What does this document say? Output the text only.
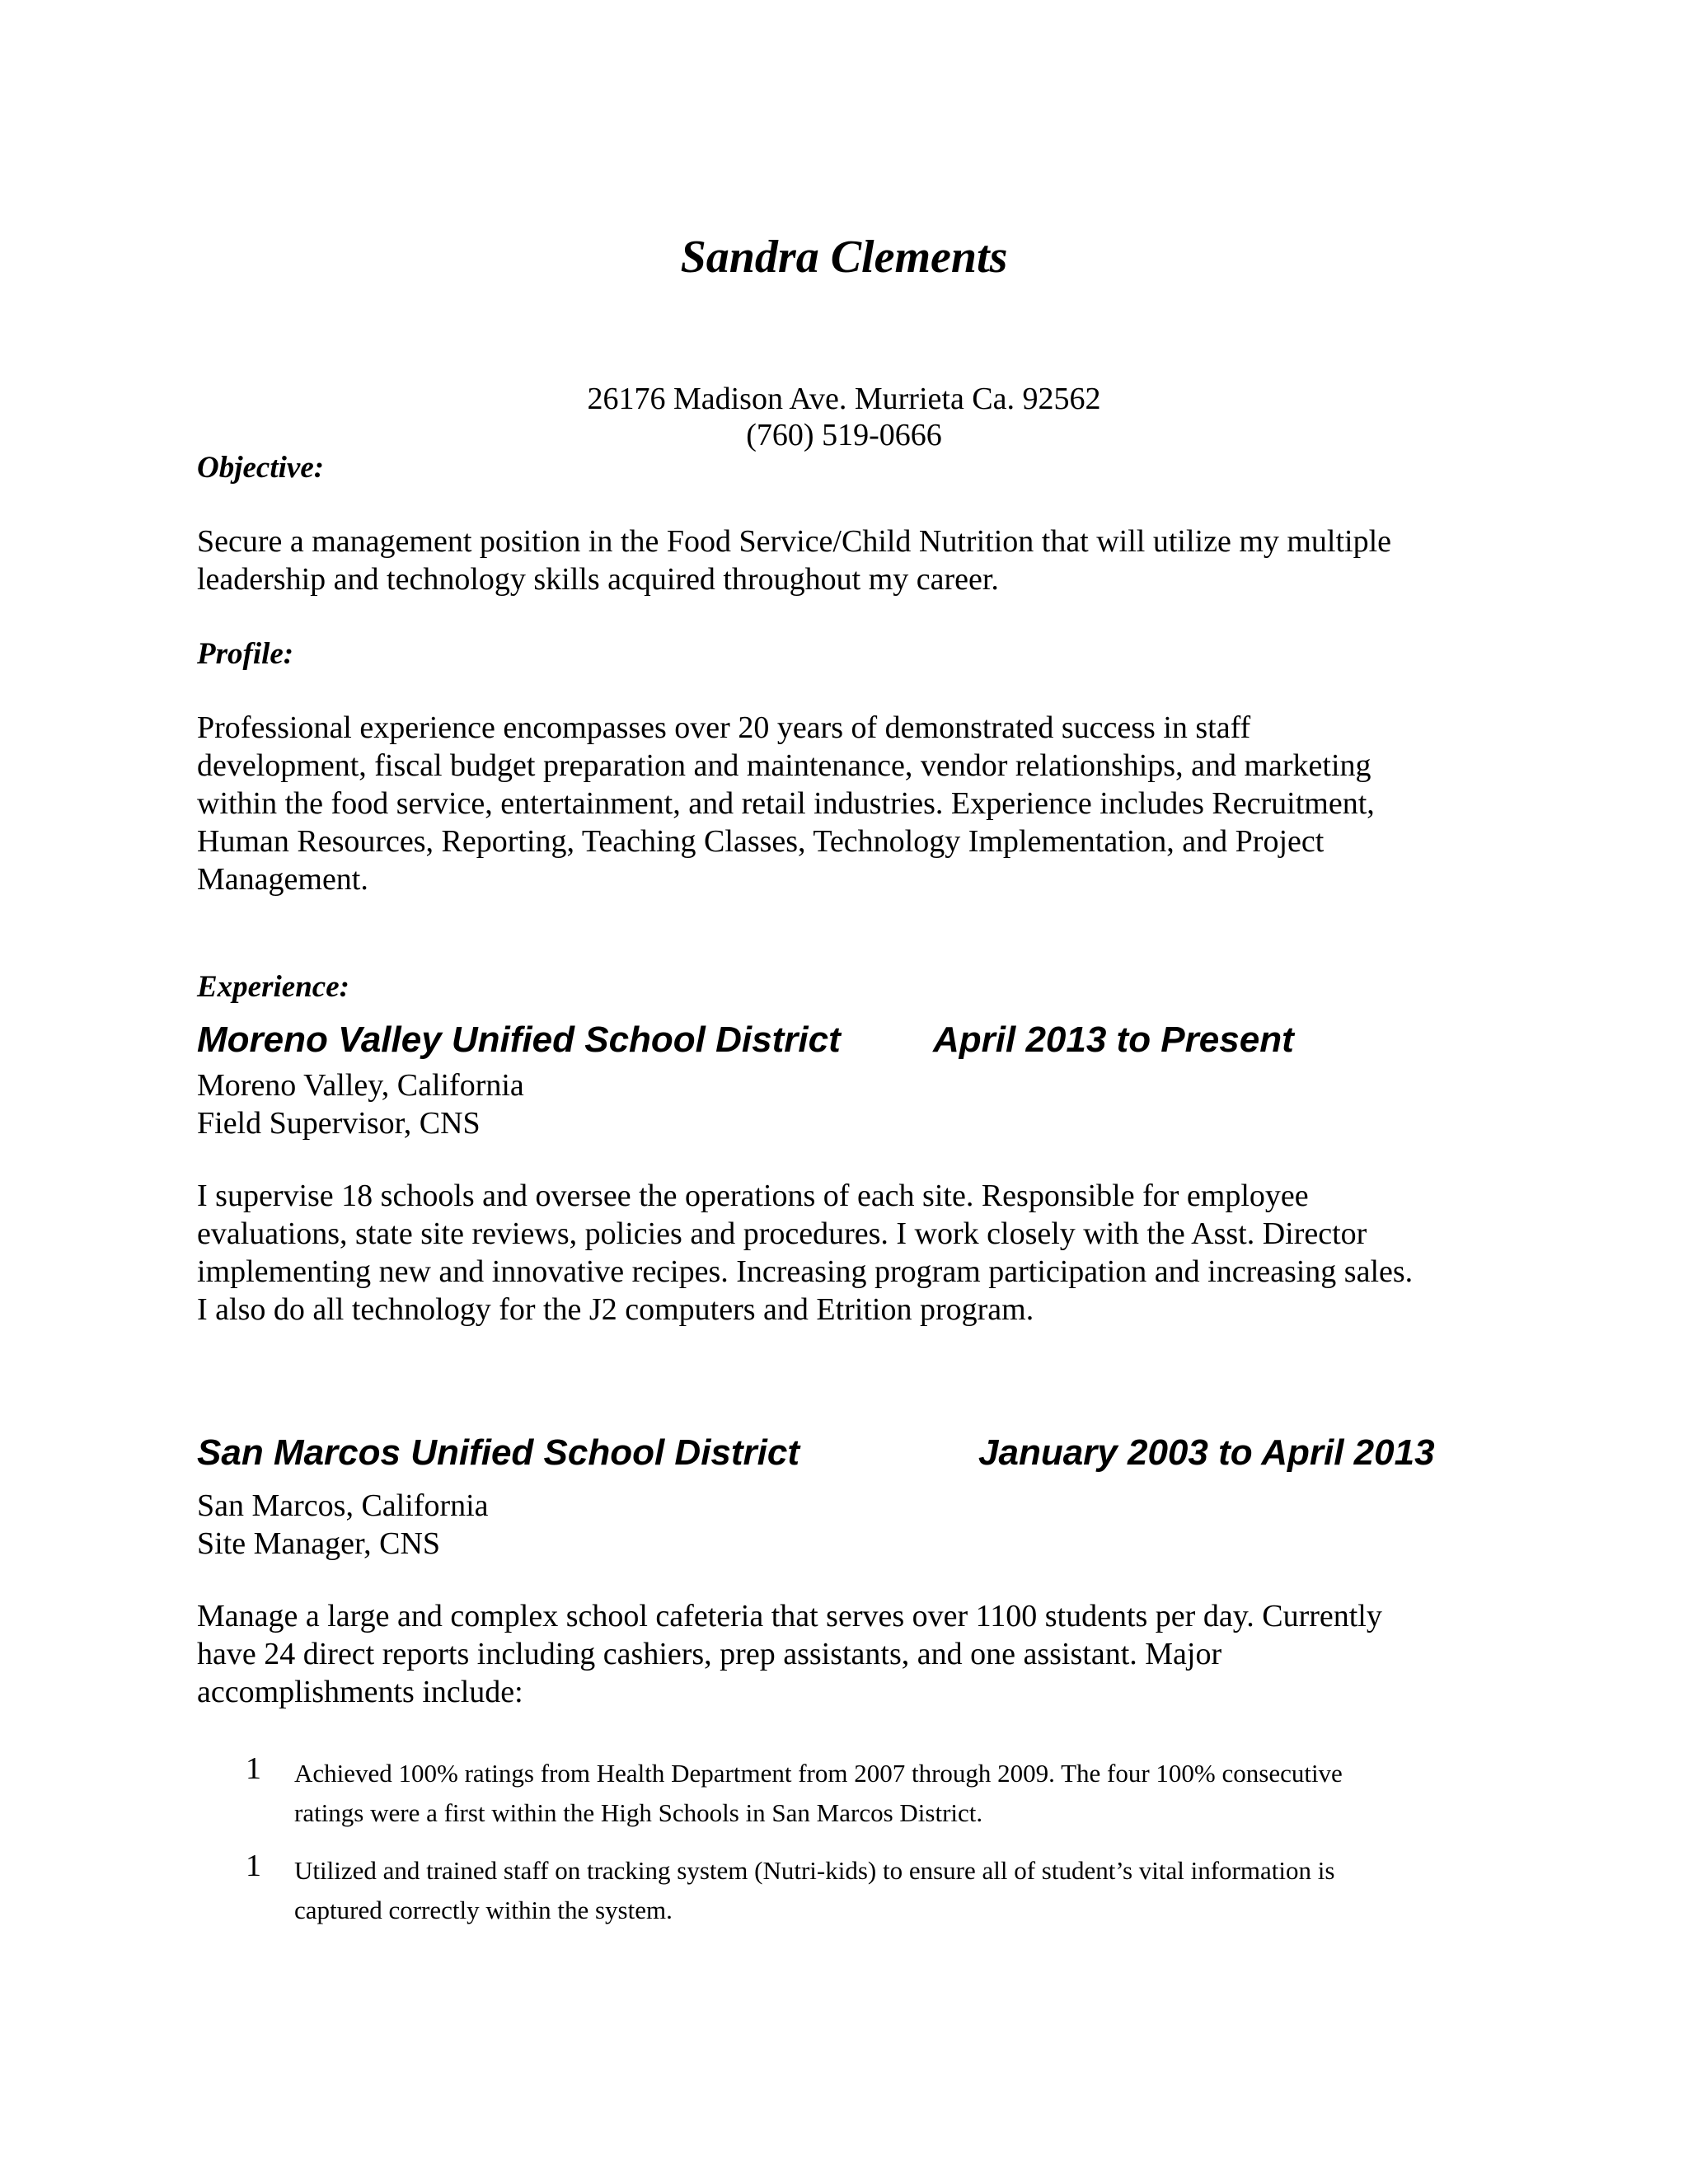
Sandra Clements
26176 Madison Ave. Murrieta Ca. 92562
(760) 519-0666
Objective:
Secure a management position in the Food Service/Child Nutrition that will utilize my multiple
leadership and technology skills acquired throughout my career.
Profile:
Professional experience encompasses over 20 years of demonstrated success in staff
development, fiscal budget preparation and maintenance, vendor relationships, and marketing
within the food service, entertainment, and retail industries. Experience includes Recruitment,
Human Resources, Reporting, Teaching Classes, Technology Implementation, and Project
Management.
Experience:
Moreno Valley Unified School District	April 2013 to Present
Moreno Valley, California
Field Supervisor, CNS
I supervise 18 schools and oversee the operations of each site. Responsible for employee
evaluations, state site reviews, policies and procedures. I work closely with the Asst. Director
implementing new and innovative recipes. Increasing program participation and increasing sales.
I also do all technology for the J2 computers and Etrition program.
San Marcos Unified School District	January 2003 to April 2013
San Marcos, California
Site Manager, CNS
Manage a large and complex school cafeteria that serves over 1100 students per day. Currently
have 24 direct reports including cashiers, prep assistants, and one assistant. Major
accomplishments include:
1 Achieved 100% ratings from Health Department from 2007 through 2009. The four 100% consecutive
ratings were a first within the High Schools in San Marcos District.
1 Utilized and trained staff on tracking system (Nutri-kids) to ensure all of student’s vital information is
captured correctly within the system.
